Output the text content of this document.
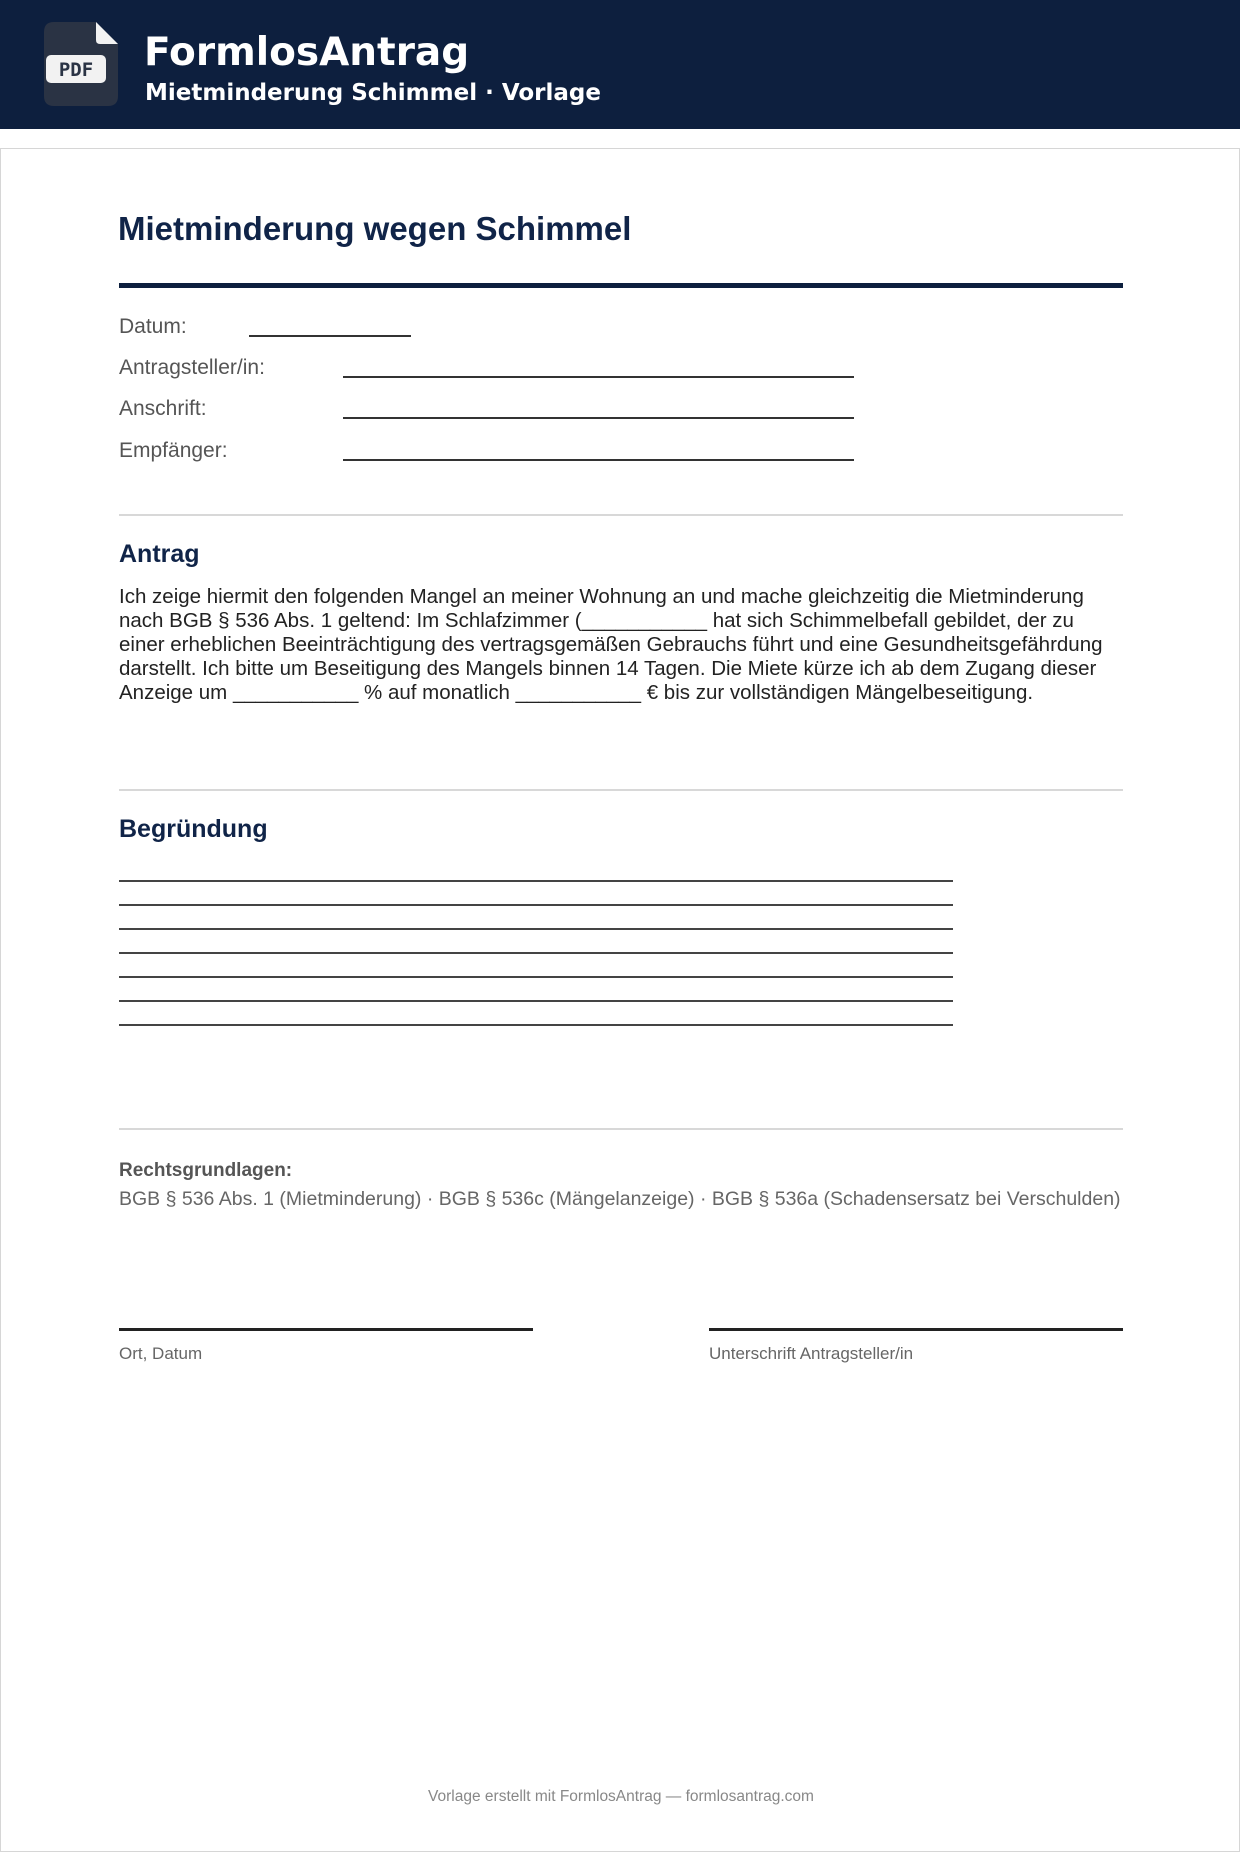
PDF FormlosAntrag
Mietminderung Schimmel · Vorlage
Mietminderung wegen Schimmel
Datum:
Antragsteller/in:
Anschrift:
Empfänger:
Antrag

Ich zeige hiermit den folgenden Mangel an meiner Wohnung an und mache gleichzeitig die Mietminderung

nach BGB § 536 Abs. 1 geltend: Im Schlafzimmer (___________ hat sich Schimmelbefall gebildet, der zu

einer erheblichen Beeinträchtigung des vertragsgemäßen Gebrauchs führt und eine Gesundheitsgefährdung

darstellt. Ich bitte um Beseitigung des Mangels binnen 14 Tagen. Die Miete kürze ich ab dem Zugang dieser

Anzeige um ___________ % auf monatlich ___________ € bis zur vollständigen Mängelbeseitigung.

Begründung
Rechtsgrundlagen:
BGB § 536 Abs. 1 (Mietminderung) · BGB § 536c (Mängelanzeige) · BGB § 536a (Schadensersatz bei Verschulden)
Ort, Datum	Unterschrift Antragsteller/in
Vorlage erstellt mit FormlosAntrag — formlosantrag.com
